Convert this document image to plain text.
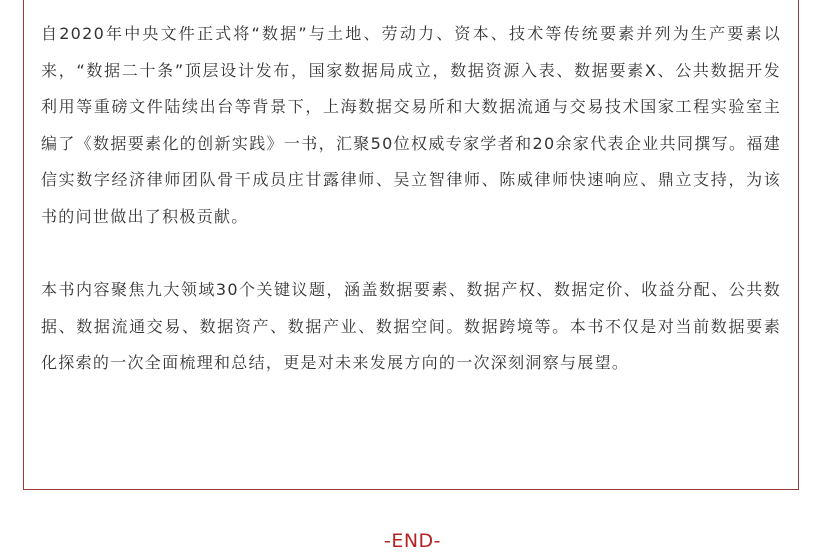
自2020年中央文件正式将“数据”与土地、劳动力、资本、技术等传统要素并列为生产要素以来，“数据二十条”顶层设计发布，国家数据局成立，数据资源入表、数据要素X、公共数据开发利用等重磅文件陆续出台等背景下，上海数据交易所和大数据流通与交易技术国家工程实验室主编了《数据要素化的创新实践》一书，汇聚50位权威专家学者和20余家代表企业共同撰写。福建信实数字经济律师团队骨干成员庄甘露律师、吴立智律师、陈威律师快速响应、鼎立支持，为该书的问世做出了积极贡献。

本书内容聚焦九大领域30个关键议题，涵盖数据要素、数据产权、数据定价、收益分配、公共数据、数据流通交易、数据资产、数据产业、数据空间。数据跨境等。本书不仅是对当前数据要素化探索的一次全面梳理和总结，更是对未来发展方向的一次深刻洞察与展望。

-END-
